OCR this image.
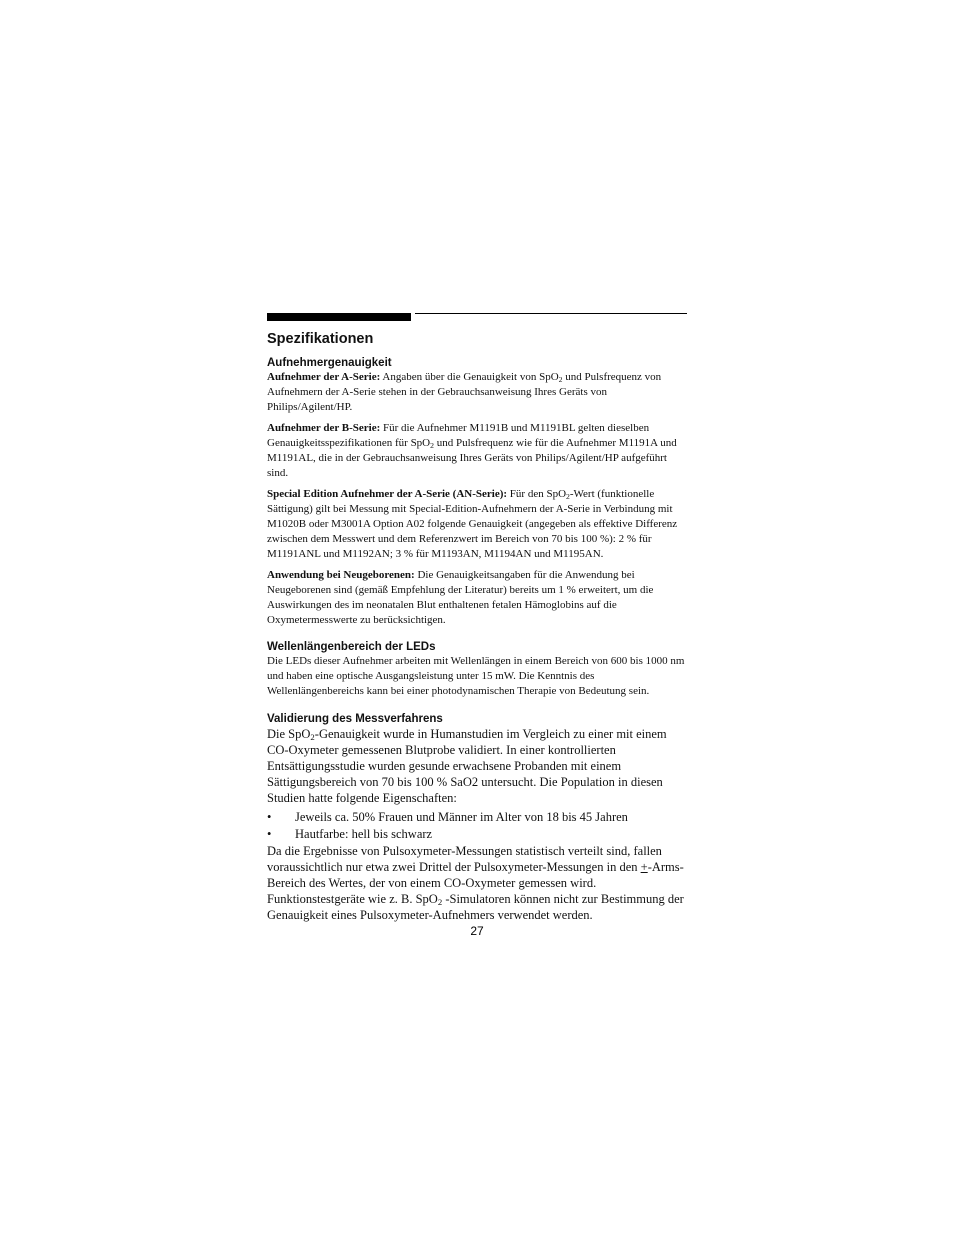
Spezifikationen
Aufnehmergenauigkeit

Aufnehmer der A-Serie: Angaben über die Genauigkeit von SpO$_2$ und Pulsfrequenz von Aufnehmern der A-Serie stehen in der Gebrauchsanweisung Ihres Geräts von Philips/Agilent/HP.

Aufnehmer der B-Serie: Für die Aufnehmer M1191B und M1191BL gelten dieselben Genauigkeitsspezifikationen für SpO$_2$ und Pulsfrequenz wie für die Aufnehmer M1191A und M1191AL, die in der Gebrauchsanweisung Ihres Geräts von Philips/Agilent/HP aufgeführt sind.

Special Edition Aufnehmer der A-Serie (AN-Serie): Für den SpO$_2$-Wert (funktionelle Sättigung) gilt bei Messung mit Special-Edition-Aufnehmern der A-Serie in Verbindung mit M1020B oder M3001A Option A02 folgende Genauigkeit (angegeben als effektive Differenz zwischen dem Messwert und dem Referenzwert im Bereich von 70 bis 100 %): 2 % für M1191ANL und M1192AN; 3 % für M1193AN, M1194AN und M1195AN.

Anwendung bei Neugeborenen: Die Genauigkeitsangaben für die Anwendung bei Neugeborenen sind (gemäß Empfehlung der Literatur) bereits um 1 % erweitert, um die Auswirkungen des im neonatalen Blut enthaltenen fetalen Hämoglobins auf die Oxymetermesswerte zu berücksichtigen.

Wellenlängenbereich der LEDs

Die LEDs dieser Aufnehmer arbeiten mit Wellenlängen in einem Bereich von 600 bis 1000 nm und haben eine optische Ausgangsleistung unter 15 mW. Die Kenntnis des Wellenlängenbereichs kann bei einer photodynamischen Therapie von Bedeutung sein.

Validierung des Messverfahrens

Die SpO$_2$-Genauigkeit wurde in Humanstudien im Vergleich zu einer mit einem CO-Oxymeter gemessenen Blutprobe validiert. In einer kontrollierten Entsättigungsstudie wurden gesunde erwachsene Probanden mit einem Sättigungsbereich von 70 bis 100 % SaO2 untersucht. Die Population in diesen Studien hatte folgende Eigenschaften:

• Jeweils ca. 50% Frauen und Männer im Alter von 18 bis 45 Jahren
• Hautfarbe: hell bis schwarz

Da die Ergebnisse von Pulsoxymeter-Messungen statistisch verteilt sind, fallen voraussichtlich nur etwa zwei Drittel der Pulsoxymeter-Messungen in den +-Arms-Bereich des Wertes, der von einem CO-Oxymeter gemessen wird. Funktionstestgeräte wie z. B. SpO$_2$ -Simulatoren können nicht zur Bestimmung der Genauigkeit eines Pulsoxymeter-Aufnehmers verwendet werden.

27
